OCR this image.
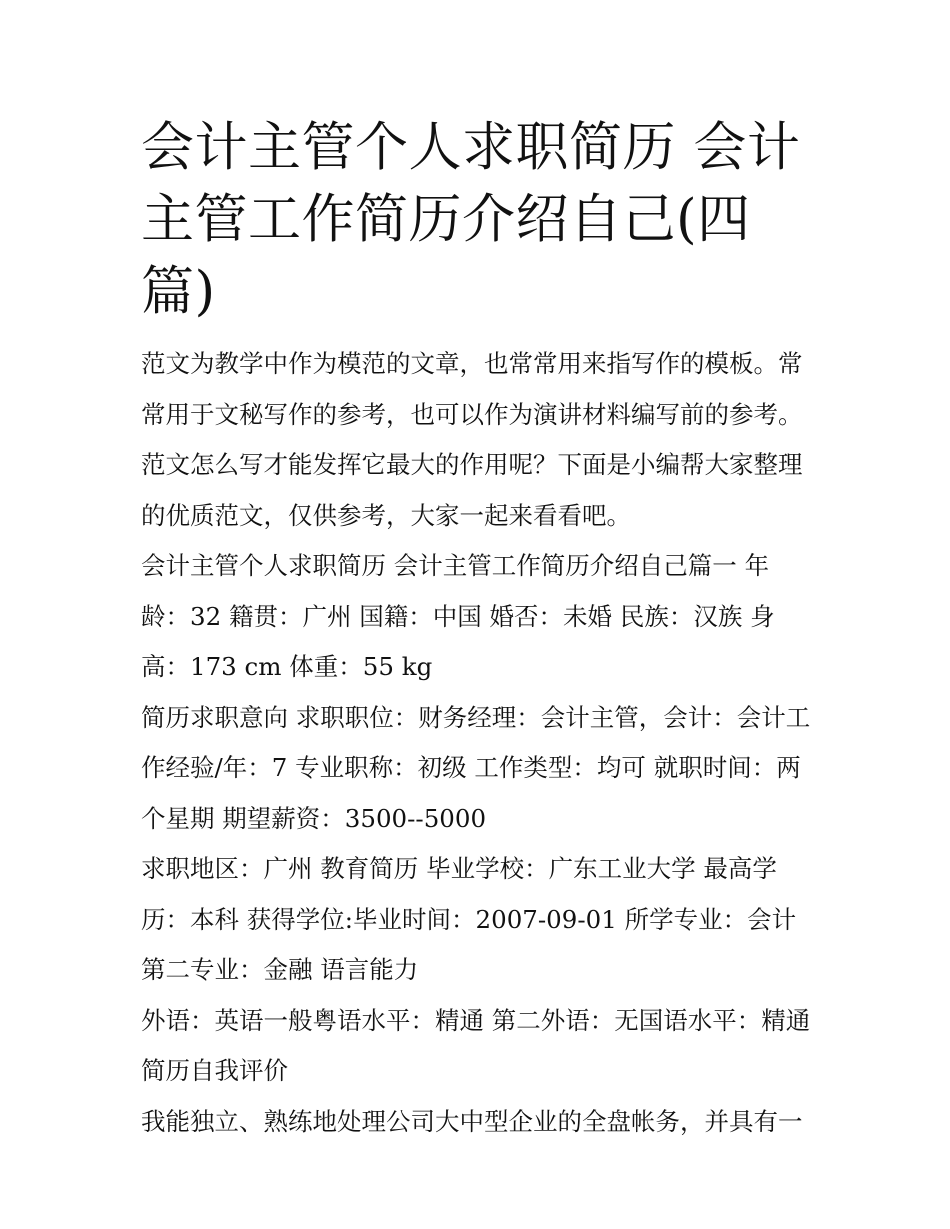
会计主管个人求职简历 会计主管工作简历介绍自己(四篇)

范文为教学中作为模范的文章，也常常用来指写作的模板。常常用于文秘写作的参考，也可以作为演讲材料编写前的参考。范文怎么写才能发挥它最大的作用呢？下面是小编帮大家整理的优质范文，仅供参考，大家一起来看看吧。

会计主管个人求职简历 会计主管工作简历介绍自己篇一 年龄：32 籍贯：广州 国籍：中国 婚否：未婚 民族：汉族 身高：173 cm 体重：55 kg

简历求职意向 求职职位：财务经理：会计主管，会计：会计工作经验/年：7 专业职称：初级 工作类型：均可 就职时间：两个星期 期望薪资：3500--5000

求职地区：广州 教育简历 毕业学校：广东工业大学 最高学历：本科 获得学位:毕业时间：2007-09-01 所学专业：会计第二专业：金融 语言能力

外语：英语一般粤语水平：精通 第二外语：无国语水平：精通 简历自我评价

我能独立、熟练地处理公司大中型企业的全盘帐务，并具有一
